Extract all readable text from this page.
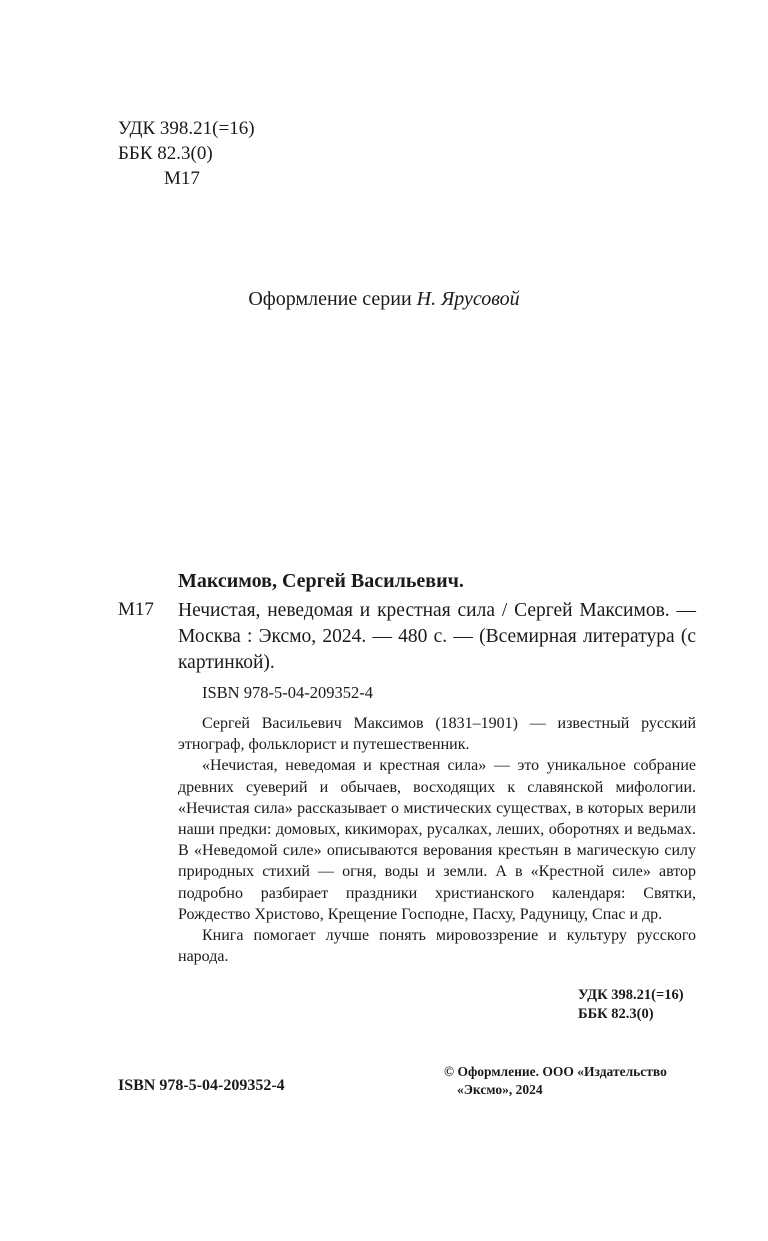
УДК 398.21(=16)
ББК 82.3(0)
М17
Оформление серии Н. Ярусовой
Максимов, Сергей Васильевич.
М17 Нечистая, неведомая и крестная сила / Сергей Максимов. — Москва : Эксмо, 2024. — 480 с. — (Всемирная литература (с картинкой).
ISBN 978-5-04-209352-4

Сергей Васильевич Максимов (1831–1901) — известный русский этнограф, фольклорист и путешественник.

«Нечистая, неведомая и крестная сила» — это уникальное собрание древних суеверий и обычаев, восходящих к славянской мифологии. «Нечистая сила» рассказывает о мистических существах, в которых верили наши предки: домовых, кикиморах, русалках, леших, оборотнях и ведьмах. В «Неведомой силе» описываются верования крестьян в магическую силу природных стихий — огня, воды и земли. А в «Крестной силе» автор подробно разбирает праздники христианского календаря: Святки, Рождество Христово, Крещение Господне, Пасху, Радуницу, Спас и др.

Книга помогает лучше понять мировоззрение и культуру русского народа.

УДК 398.21(=16)
ББК 82.3(0)
ISBN 978-5-04-209352-4
© Оформление. ООО «Издательство
«Эксмо», 2024
